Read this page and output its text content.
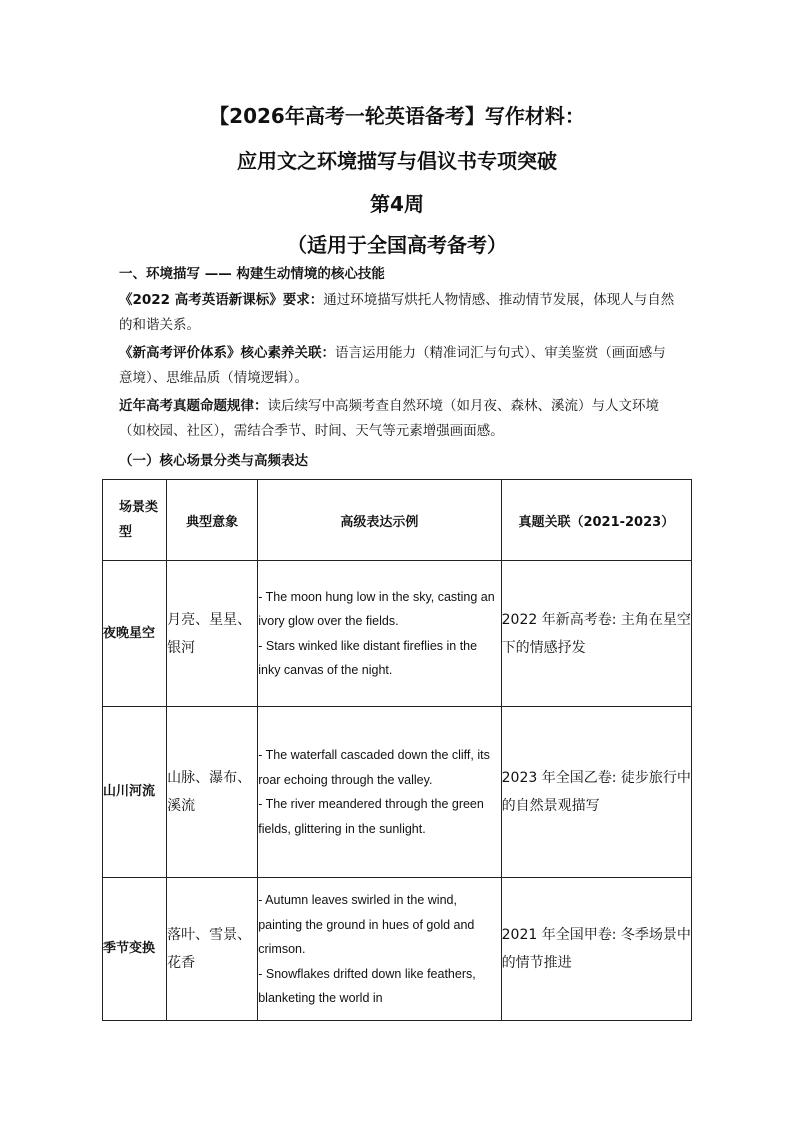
【2026年高考一轮英语备考】写作材料：
应用文之环境描写与倡议书专项突破
第4周
（适用于全国高考备考）
一、环境描写 —— 构建生动情境的核心技能
《2022 高考英语新课标》要求：通过环境描写烘托人物情感、推动情节发展，体现人与自然的和谐关系。
《新高考评价体系》核心素养关联：语言运用能力（精准词汇与句式）、审美鉴赏（画面感与意境）、思维品质（情境逻辑）。
近年高考真题命题规律：读后续写中高频考查自然环境（如月夜、森林、溪流）与人文环境（如校园、社区），需结合季节、时间、天气等元素增强画面感。
（一）核心场景分类与高频表达
场景类型	典型意象	高级表达示例	真题关联（2021-2023）
夜晚星空	月亮、星星、银河	- The moon hung low in the sky, casting an ivory glow over the fields.
- Stars winked like distant fireflies in the inky canvas of the night.	2022 年新高考卷: 主角在星空下的情感抒发
山川河流	山脉、瀑布、溪流	- The waterfall cascaded down the cliff, its roar echoing through the valley.
- The river meandered through the green fields, glittering in the sunlight.	2023 年全国乙卷: 徒步旅行中的自然景观描写
季节变换	落叶、雪景、花香	- Autumn leaves swirled in the wind, painting the ground in hues of gold and crimson.
- Snowflakes drifted down like feathers, blanketing the world in	2021 年全国甲卷: 冬季场景中的情节推进
